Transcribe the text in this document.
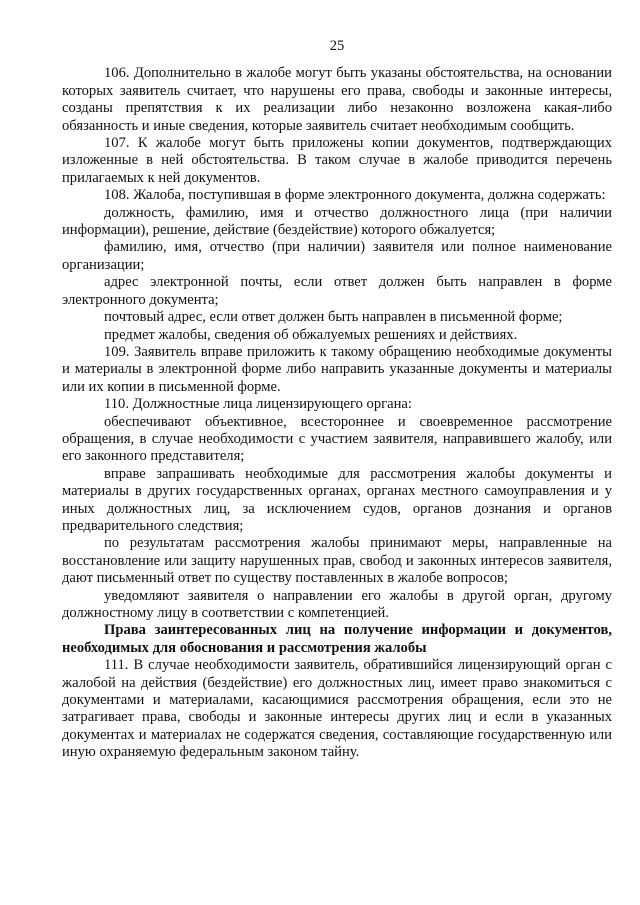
25

106. Дополнительно в жалобе могут быть указаны обстоятельства, на основании которых заявитель считает, что нарушены его права, свободы и законные интересы, созданы препятствия к их реализации либо незаконно возложена какая-либо обязанность и иные сведения, которые заявитель считает необходимым сообщить.

107. К жалобе могут быть приложены копии документов, подтверждающих изложенные в ней обстоятельства. В таком случае в жалобе приводится перечень прилагаемых к ней документов.

108. Жалоба, поступившая в форме электронного документа, должна содержать:

должность, фамилию, имя и отчество должностного лица (при наличии информации), решение, действие (бездействие) которого обжалуется;

фамилию, имя, отчество (при наличии) заявителя или полное наименование организации;

адрес электронной почты, если ответ должен быть направлен в форме электронного документа;

почтовый адрес, если ответ должен быть направлен в письменной форме;

предмет жалобы, сведения об обжалуемых решениях и действиях.

109. Заявитель вправе приложить к такому обращению необходимые документы и материалы в электронной форме либо направить указанные документы и материалы или их копии в письменной форме.

110. Должностные лица лицензирующего органа:

обеспечивают объективное, всестороннее и своевременное рассмотрение обращения, в случае необходимости с участием заявителя, направившего жалобу, или его законного представителя;

вправе запрашивать необходимые для рассмотрения жалобы документы и материалы в других государственных органах, органах местного самоуправления и у иных должностных лиц, за исключением судов, органов дознания и органов предварительного следствия;

по результатам рассмотрения жалобы принимают меры, направленные на восстановление или защиту нарушенных прав, свобод и законных интересов заявителя, дают письменный ответ по существу поставленных в жалобе вопросов;

уведомляют заявителя о направлении его жалобы в другой орган, другому должностному лицу в соответствии с компетенцией.

Права заинтересованных лиц на получение информации и документов, необходимых для обоснования и рассмотрения жалобы

111. В случае необходимости заявитель, обратившийся лицензирующий орган с жалобой на действия (бездействие) его должностных лиц, имеет право знакомиться с документами и материалами, касающимися рассмотрения обращения, если это не затрагивает права, свободы и законные интересы других лиц и если в указанных документах и материалах не содержатся сведения, составляющие государственную или иную охраняемую федеральным законом тайну.
